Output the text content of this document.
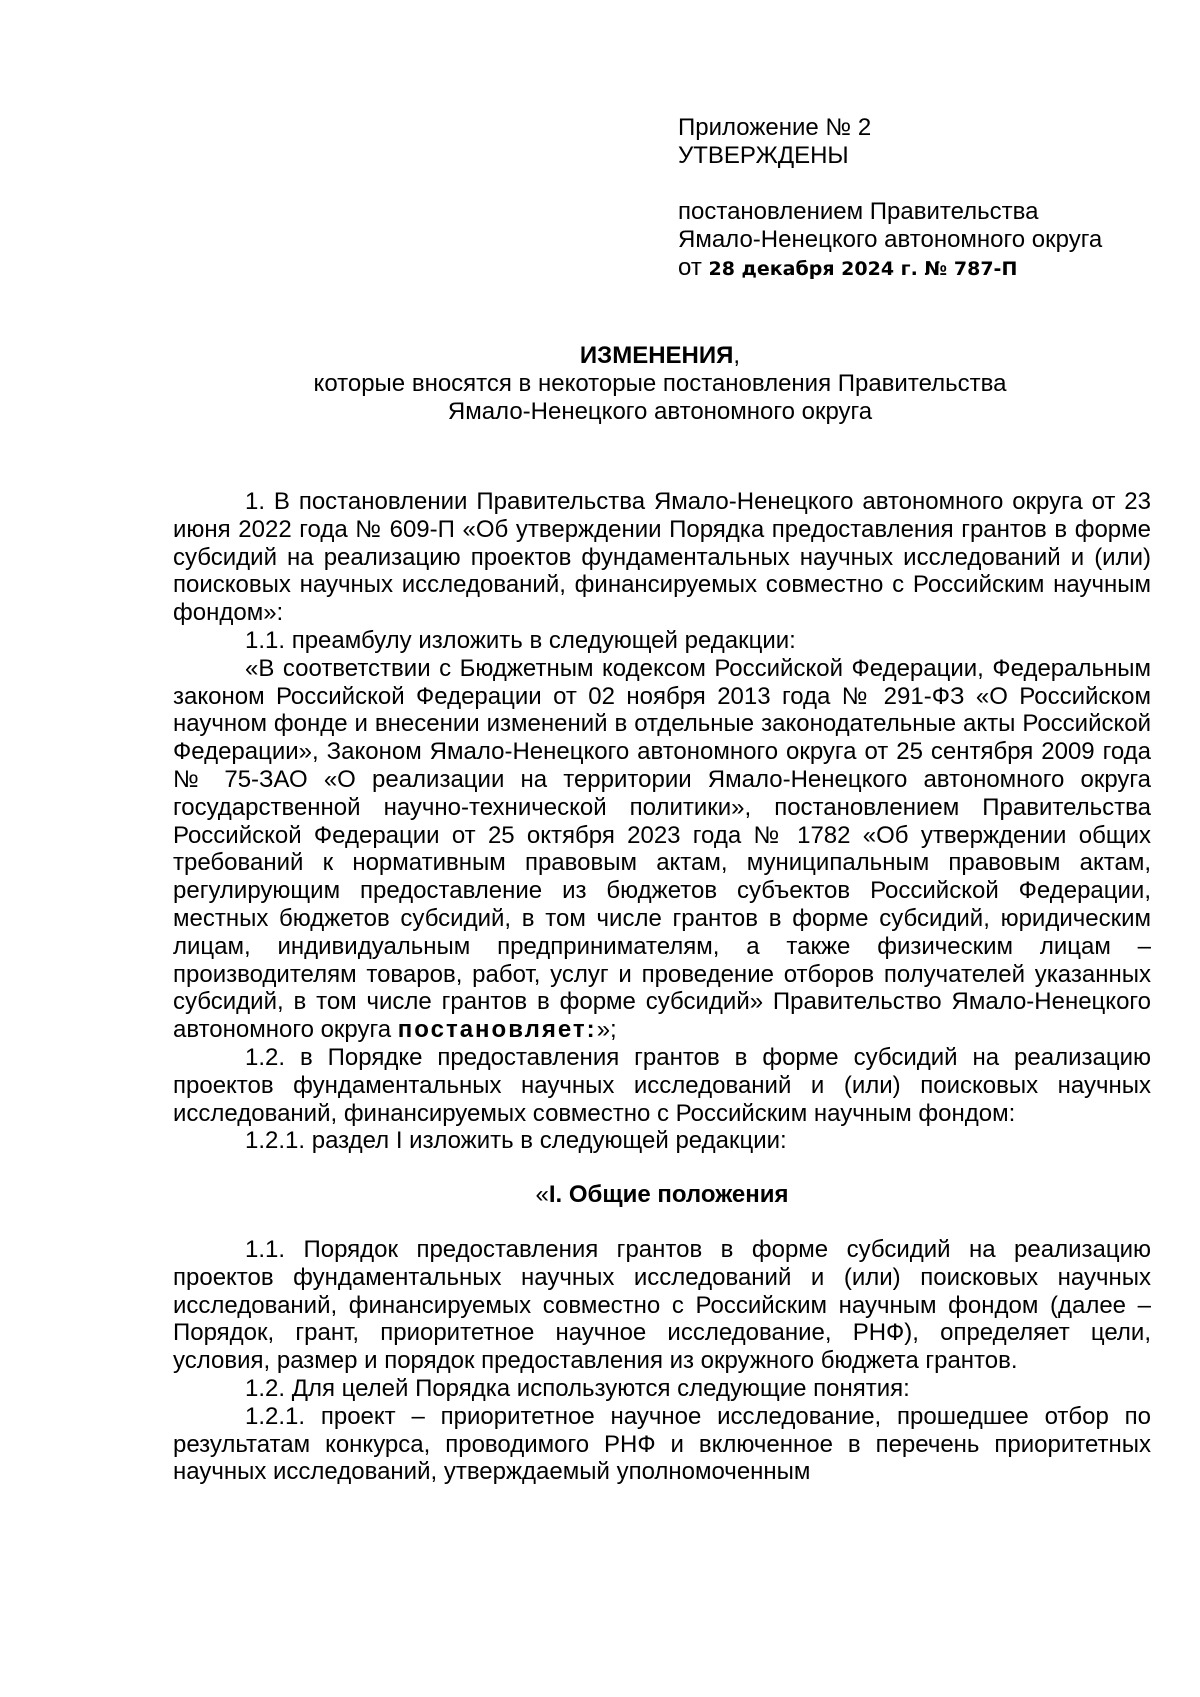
Приложение № 2
УТВЕРЖДЕНЫ
постановлением Правительства
Ямало-Ненецкого автономного округа
от 28 декабря 2024 г. № 787-П
ИЗМЕНЕНИЯ,
которые вносятся в некоторые постановления Правительства
Ямало-Ненецкого автономного округа

1. В постановлении Правительства Ямало-Ненецкого автономного округа от 23 июня 2022 года № 609-П «Об утверждении Порядка предоставления грантов в форме субсидий на реализацию проектов фундаментальных научных исследований и (или) поисковых научных исследований, финансируемых совместно с Российским научным фондом»:

1.1. преамбулу изложить в следующей редакции:

«В соответствии с Бюджетным кодексом Российской Федерации, Федеральным законом Российской Федерации от 02 ноября 2013 года № 291-ФЗ «О Российском научном фонде и внесении изменений в отдельные законодательные акты Российской Федерации», Законом Ямало-Ненецкого автономного округа от 25 сентября 2009 года № 75-ЗАО «О реализации на территории Ямало-Ненецкого автономного округа государственной научно-технической политики», постановлением Правительства Российской Федерации от 25 октября 2023 года № 1782 «Об утверждении общих требований к нормативным правовым актам, муниципальным правовым актам, регулирующим предоставление из бюджетов субъектов Российской Федерации, местных бюджетов субсидий, в том числе грантов в форме субсидий, юридическим лицам, индивидуальным предпринимателям, а также физическим лицам – производителям товаров, работ, услуг и проведение отборов получателей указанных субсидий, в том числе грантов в форме субсидий» Правительство Ямало-Ненецкого автономного округа постановляет:»;

1.2. в Порядке предоставления грантов в форме субсидий на реализацию проектов фундаментальных научных исследований и (или) поисковых научных исследований, финансируемых совместно с Российским научным фондом:

1.2.1. раздел I изложить в следующей редакции:

«I. Общие положения

1.1. Порядок предоставления грантов в форме субсидий на реализацию проектов фундаментальных научных исследований и (или) поисковых научных исследований, финансируемых совместно с Российским научным фондом (далее – Порядок, грант, приоритетное научное исследование, РНФ), определяет цели, условия, размер и порядок предоставления из окружного бюджета грантов.

1.2. Для целей Порядка используются следующие понятия:

1.2.1. проект – приоритетное научное исследование, прошедшее отбор по результатам конкурса, проводимого РНФ и включенное в перечень приоритетных научных исследований, утверждаемый уполномоченным
